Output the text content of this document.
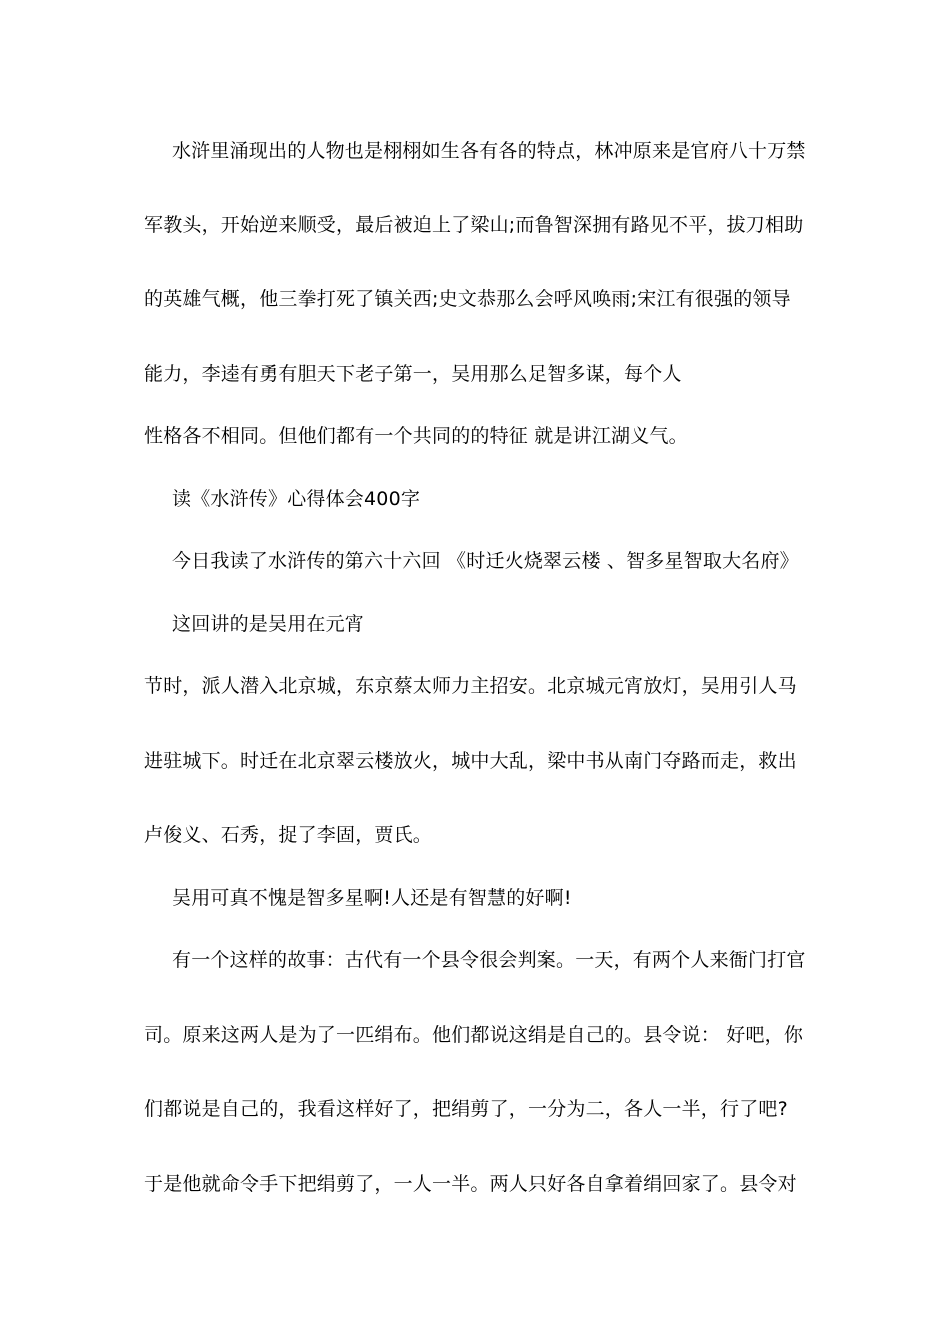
水浒里涌现出的人物也是栩栩如生各有各的特点，林冲原来是官府八十万禁
军教头，开始逆来顺受，最后被迫上了梁山;而鲁智深拥有路见不平，拔刀相助
的英雄气概，他三拳打死了镇关西;史文恭那么会呼风唤雨;宋江有很强的领导
能力，李逵有勇有胆天下老子第一，吴用那么足智多谋，每个人
性格各不相同。但他们都有一个共同的的特征 就是讲江湖义气。
读《水浒传》心得体会400字
今日我读了水浒传的第六十六回 《时迁火烧翠云楼 、智多星智取大名府》
这回讲的是吴用在元宵
节时，派人潜入北京城，东京蔡太师力主招安。北京城元宵放灯，吴用引人马
进驻城下。时迁在北京翠云楼放火，城中大乱，梁中书从南门夺路而走，救出
卢俊义、石秀，捉了李固，贾氏。
吴用可真不愧是智多星啊!人还是有智慧的好啊!
有一个这样的故事：古代有一个县令很会判案。一天，有两个人来衙门打官
司。原来这两人是为了一匹绢布。他们都说这绢是自己的。县令说： 好吧，你
们都说是自己的，我看这样好了，把绢剪了，一分为二，各人一半，行了吧?
于是他就命令手下把绢剪了，一人一半。两人只好各自拿着绢回家了。县令对
